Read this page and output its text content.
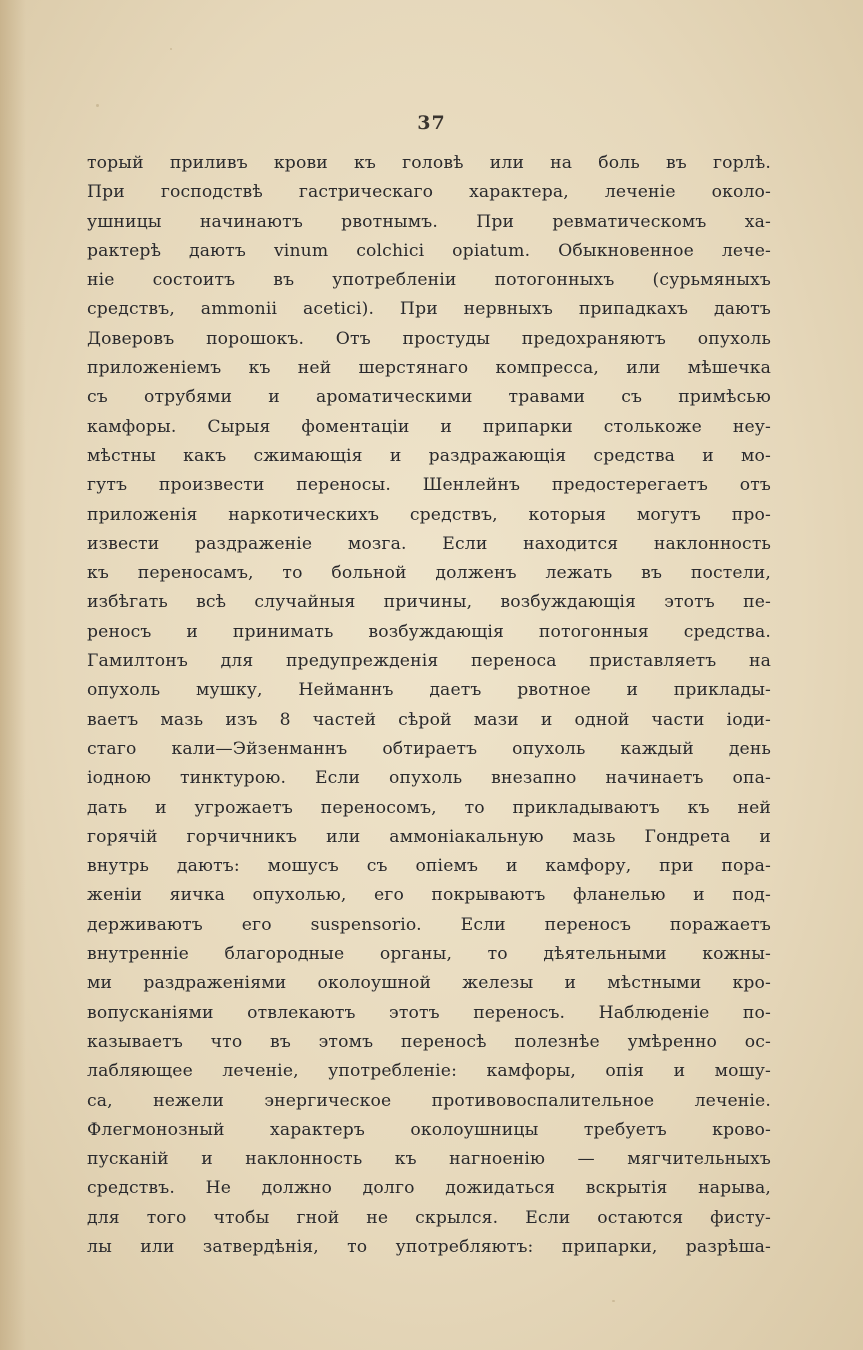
37
торый приливъ крови къ головѣ или на боль въ горлѣ.
При господствѣ гастрическаго характера, леченіе околo-
ушницы начинаютъ рвотнымъ. При ревматическомъ ха-
рактерѣ даютъ vinum colchici opiatum. Обыкновенное лече-
ніе состоитъ въ употребленіи потогонныхъ (сурьмяныхъ
средствъ, ammonii acetici). При нервныхъ припадкахъ даютъ
Доверовъ порошокъ. Отъ простуды предохраняютъ опухоль
приложеніемъ къ ней шерстянаго компресса, или мѣшечка
съ отрубями и ароматическими травами съ примѣсью
камфоры. Сырыя фоментаціи и припарки столькоже неу-
мѣстны какъ сжимающія и раздражающія средства и мо-
гутъ произвести переносы. Шенлейнъ предостерегаетъ отъ
приложенія наркотическихъ средствъ, которыя могутъ про-
извести раздраженіе мозга. Если находится наклонность
къ переносамъ, то больной долженъ лежать въ постели,
избѣгать всѣ случайныя причины, возбуждающія этотъ пе-
реносъ и принимать возбуждающія потогонныя средства.
Гамилтонъ для предупрежденія переноса приставляетъ на
опухоль мушку, Нейманнъ даетъ рвотное и приклады-
ваетъ мазь изъ 8 частей сѣрой мази и одной части іоди-
стаго кали—Эйзенманнъ обтираетъ опухоль каждый день
іодною тинктурою. Если опухоль внезапно начинаетъ опа-
дать и угрожаетъ переносомъ, то прикладываютъ къ ней
горячій горчичникъ или аммоніакальную мазь Гондрета и
внутрь даютъ: мошусъ съ опіемъ и камфору, при пора-
женіи яичка опухолью, его покрываютъ фланелью и под-
держиваютъ его suspensorio. Если переносъ поражаетъ
внутренніе благородные органы, то дѣятельными кожны-
ми раздраженіями околоушной железы и мѣстными кро-
вопусканіями отвлекаютъ этотъ переносъ. Наблюденіе по-
казываетъ что въ этомъ переносѣ полезнѣе умѣренно ос-
лабляющее леченіе, употребленіе: камфоры, опія и мошу-
са, нежели энергическое противовоспалительное леченіе.
Флегмонозный характеръ околоушницы требуетъ крово-
пусканій и наклонность къ нагноенію — мягчительныхъ
средствъ. Не должно долго дожидаться вскрытія нарыва,
для того чтобы гной не скрылся. Если остаются фисту-
лы или затвердѣнія, то употребляютъ: припарки, разрѣша-
